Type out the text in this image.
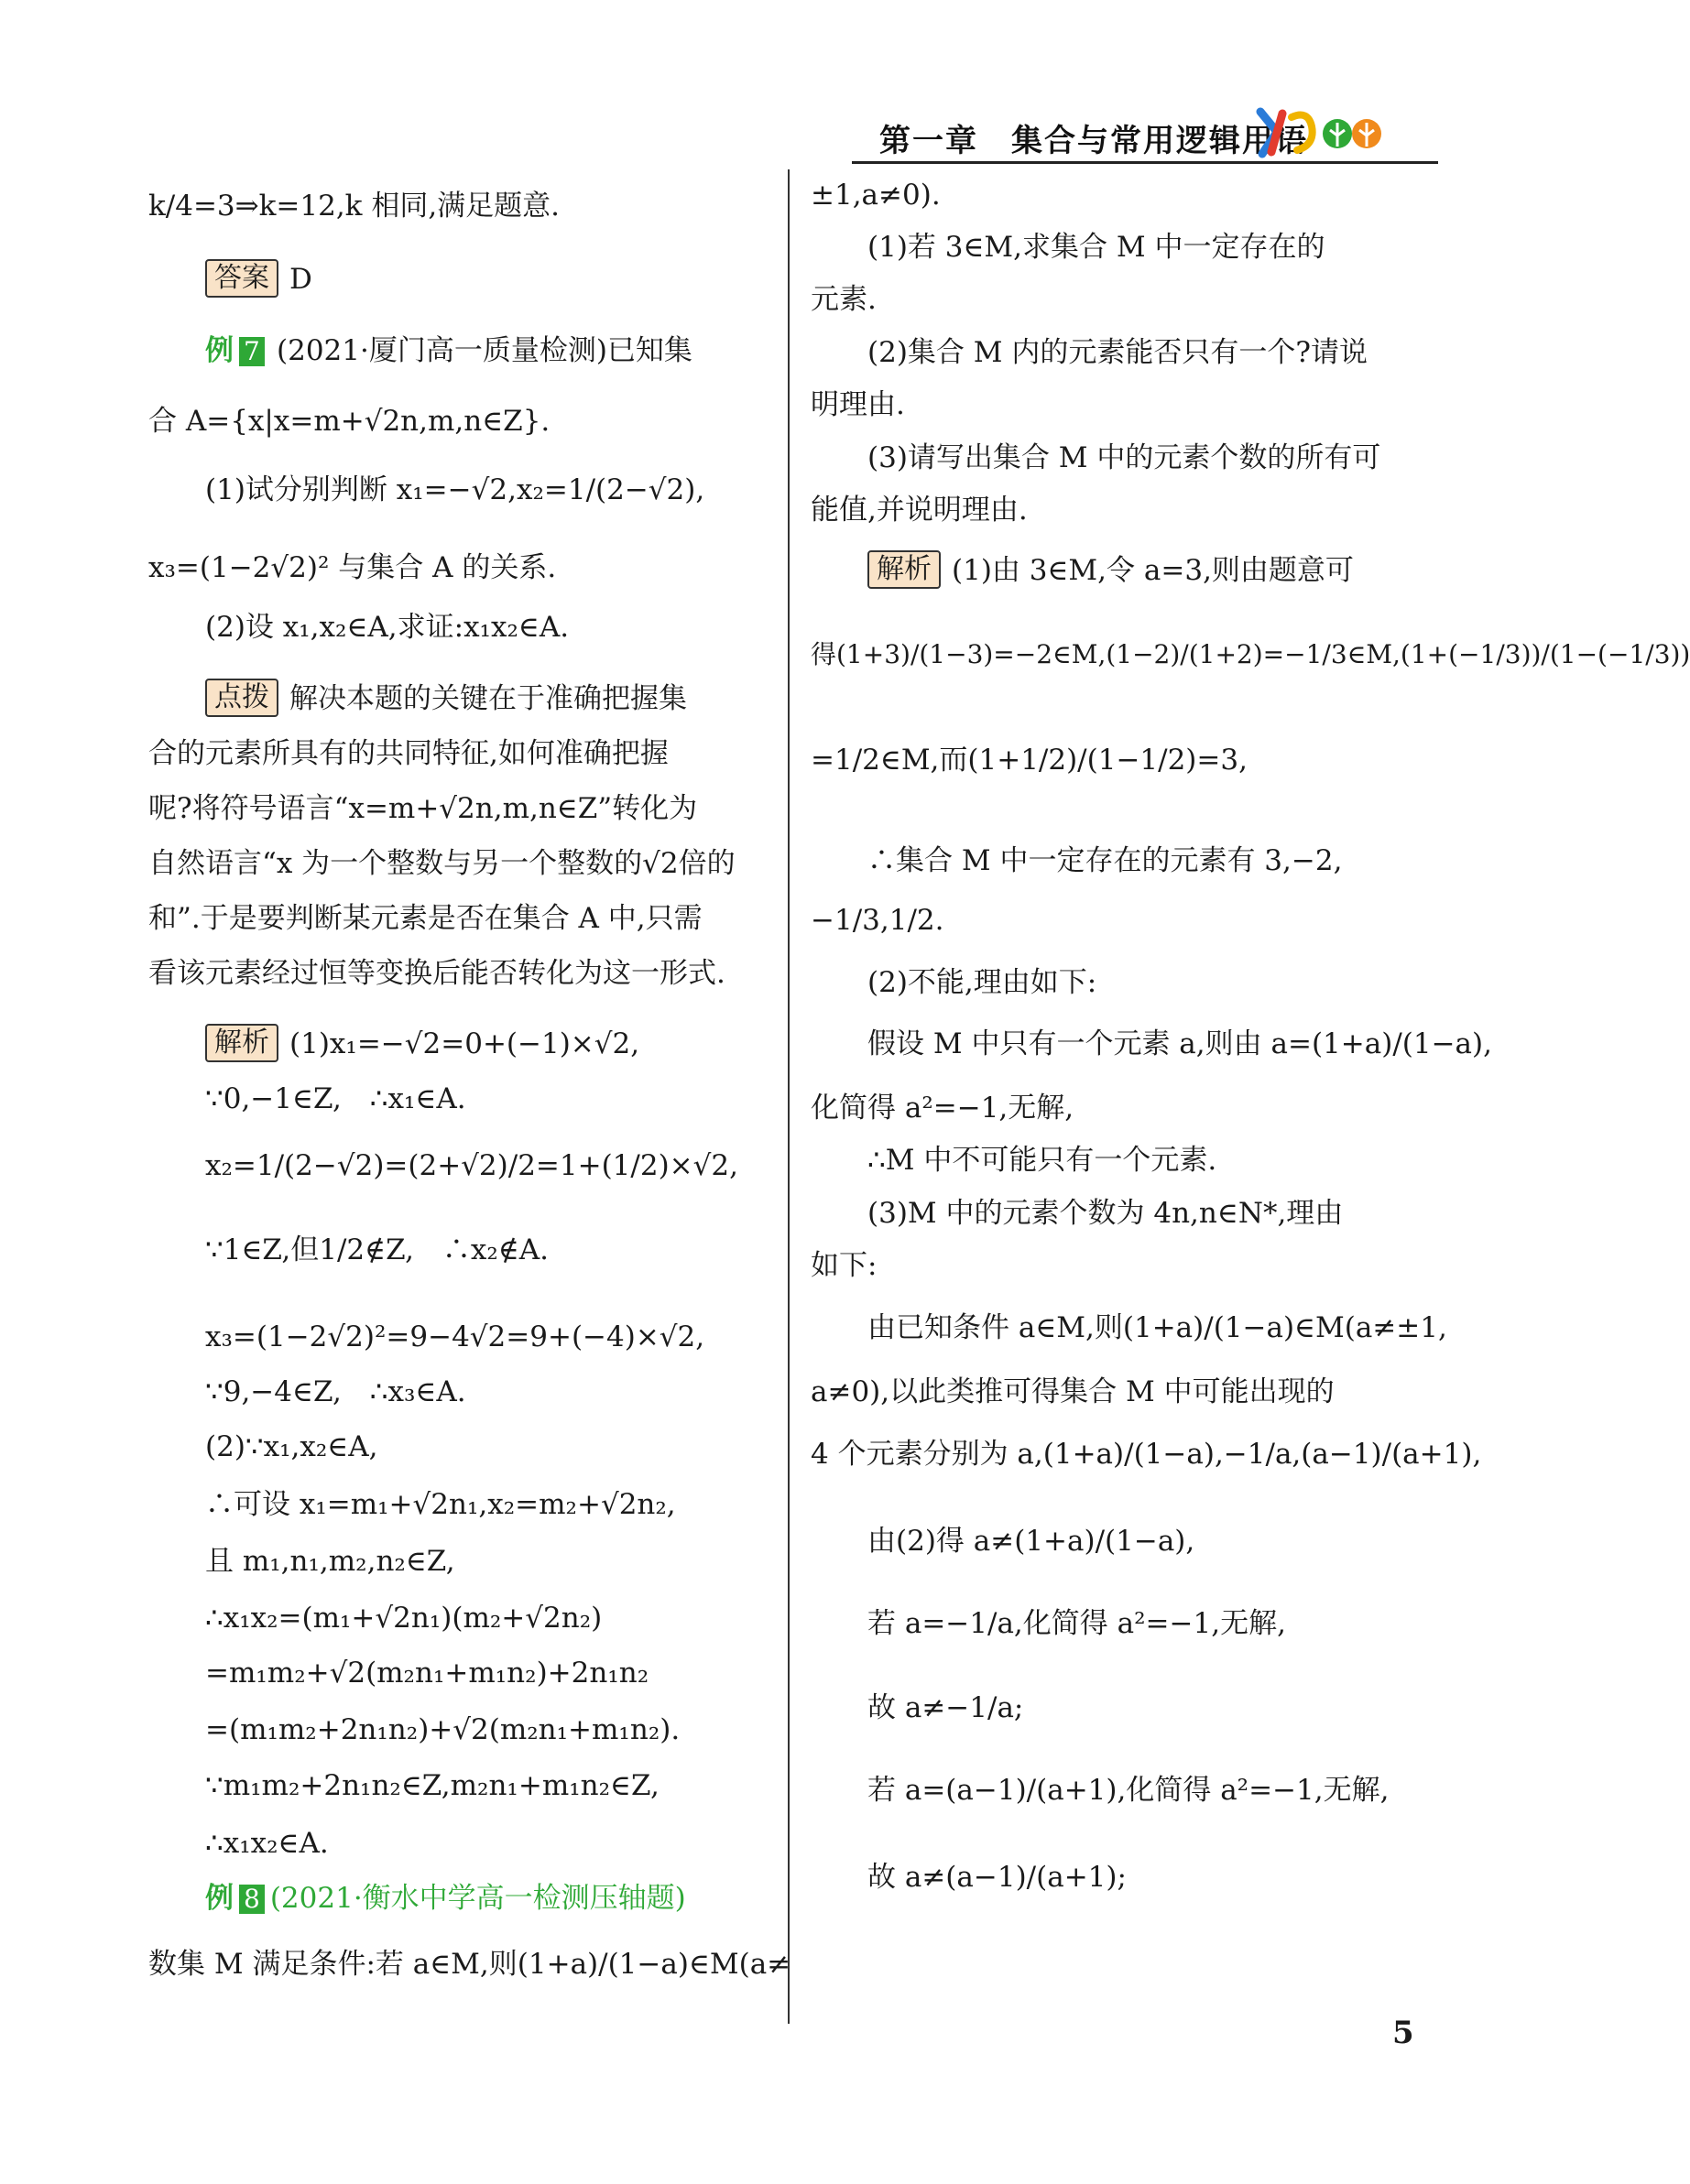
第一章　集合与常用逻辑用语
k/4=3⇒k=12,k 相同,满足题意.
答案 D
例 7 (2021·厦门高一质量检测)已知集
合 A={x|x=m+√2n,m,n∈Z}.
(1)试分别判断 x₁=−√2,x₂=1/(2−√2),
x₃=(1−2√2)² 与集合 A 的关系.
(2)设 x₁,x₂∈A,求证:x₁x₂∈A.
点拨 解决本题的关键在于准确把握集
合的元素所具有的共同特征,如何准确把握
呢?将符号语言“x=m+√2n,m,n∈Z”转化为
自然语言“x 为一个整数与另一个整数的√2倍的
和”.于是要判断某元素是否在集合 A 中,只需
看该元素经过恒等变换后能否转化为这一形式.
解析 (1)x₁=−√2=0+(−1)×√2,
∵0,−1∈Z,　∴x₁∈A.
x₂=1/(2−√2)=(2+√2)/2=1+(1/2)×√2,
∵1∈Z,但1/2∉Z,　∴x₂∉A.
x₃=(1−2√2)²=9−4√2=9+(−4)×√2,
∵9,−4∈Z,　∴x₃∈A.
(2)∵x₁,x₂∈A,
∴可设 x₁=m₁+√2n₁,x₂=m₂+√2n₂,
且 m₁,n₁,m₂,n₂∈Z,
∴x₁x₂=(m₁+√2n₁)(m₂+√2n₂)
=m₁m₂+√2(m₂n₁+m₁n₂)+2n₁n₂
=(m₁m₂+2n₁n₂)+√2(m₂n₁+m₁n₂).
∵m₁m₂+2n₁n₂∈Z,m₂n₁+m₁n₂∈Z,
∴x₁x₂∈A.
例 8 (2021·衡水中学高一检测压轴题)
数集 M 满足条件:若 a∈M,则(1+a)/(1−a)∈M(a≠
±1,a≠0).
(1)若 3∈M,求集合 M 中一定存在的
元素.
(2)集合 M 内的元素能否只有一个?请说
明理由.
(3)请写出集合 M 中的元素个数的所有可
能值,并说明理由.
解析 (1)由 3∈M,令 a=3,则由题意可
得(1+3)/(1−3)=−2∈M,(1−2)/(1+2)=−1/3∈M,(1+(−1/3))/(1−(−1/3))
=1/2∈M,而(1+1/2)/(1−1/2)=3,
∴集合 M 中一定存在的元素有 3,−2,
−1/3,1/2.
(2)不能,理由如下:
假设 M 中只有一个元素 a,则由 a=(1+a)/(1−a),
化简得 a²=−1,无解,
∴M 中不可能只有一个元素.
(3)M 中的元素个数为 4n,n∈N*,理由
如下:
由已知条件 a∈M,则(1+a)/(1−a)∈M(a≠±1,
a≠0),以此类推可得集合 M 中可能出现的
4 个元素分别为 a,(1+a)/(1−a),−1/a,(a−1)/(a+1),
由(2)得 a≠(1+a)/(1−a),
若 a=−1/a,化简得 a²=−1,无解,
故 a≠−1/a;
若 a=(a−1)/(a+1),化简得 a²=−1,无解,
故 a≠(a−1)/(a+1);
5
